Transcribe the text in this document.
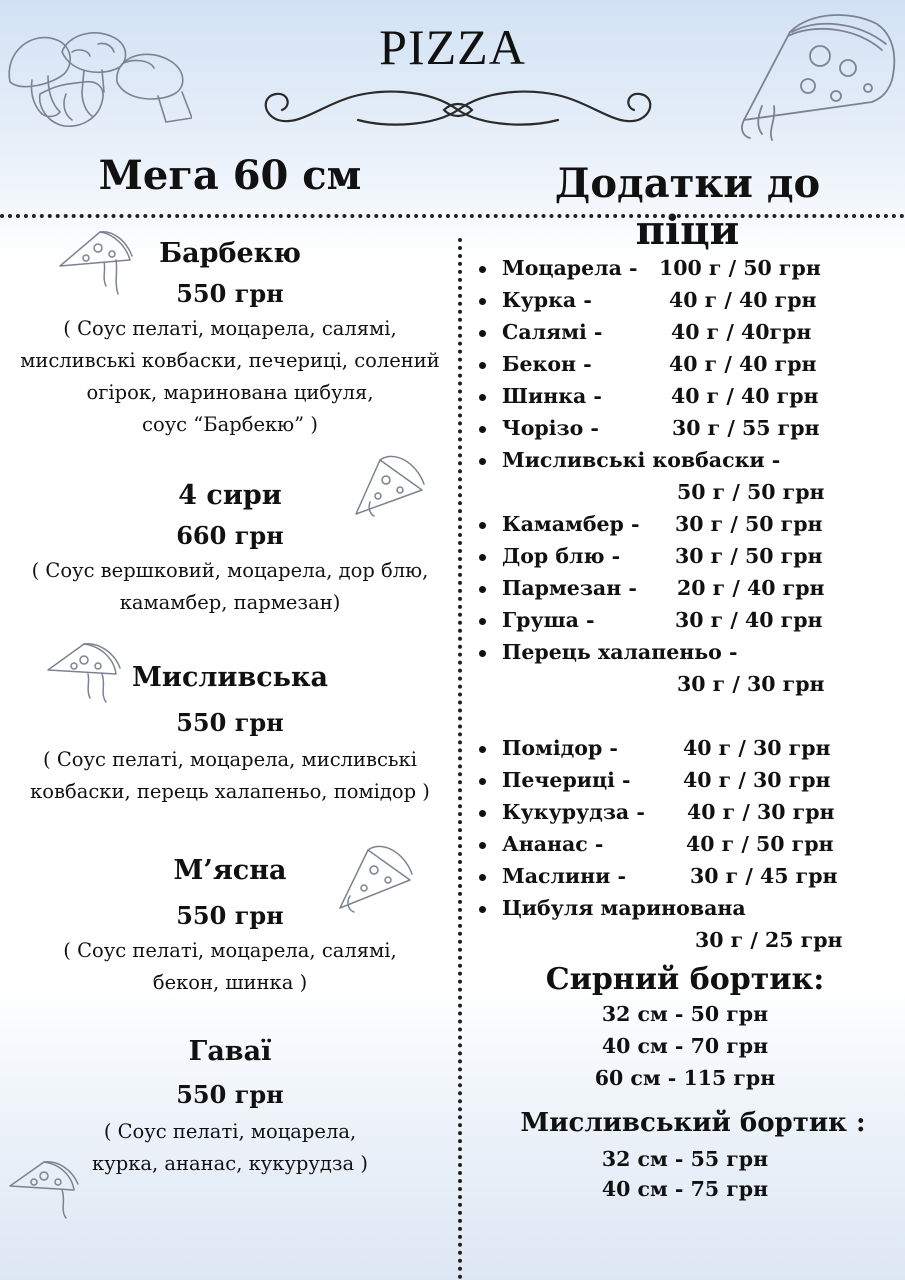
PIZZA
Мега 60 см	Додатки до піци
Барбекю
550 грн
( Соус пелаті, моцарела, салямі,
мисливські ковбаски, печериці, солений
огірок, маринована цибуля,
соус “Барбекю” )
4 сири
660 грн
( Соус вершковий, моцарела, дор блю,
камамбер, пармезан)
Мисливська
550 грн
( Соус пелаті, моцарела, мисливські
ковбаски, перець халапеньо, помідор )
М’ясна
550 грн
( Соус пелаті, моцарела, салямі,
бекон, шинка )
Гаваї
550 грн
( Соус пелаті, моцарела,
курка, ананас, кукурудза )
Моцарела - 100 г / 50 грн
Курка -	40 г / 40 грн
Салямі -	40 г / 40грн
Бекон -	40 г / 40 грн
Шинка -	40 г / 40 грн
Чорізо -	30 г / 55 грн
Мисливські ковбаски -
50 г / 50 грн
Камамбер - 30 г / 50 грн
Дор блю -	30 г / 50 грн
Пармезан - 20 г / 40 грн
Груша -	30 г / 40 грн
Перець халапеньо -
30 г / 30 грн
Помідор -	40 г / 30 грн
Печериці -	40 г / 30 грн
Кукурудза - 40 г / 30 грн
Ананас -	40 г / 50 грн
Маслини -	30 г / 45 грн
Цибуля маринована
30 г / 25 грн
Сирний бортик:
32 см - 50 грн
40 см - 70 грн
60 см - 115 грн
Мисливський бортик :
32 см - 55 грн
40 см - 75 грн
